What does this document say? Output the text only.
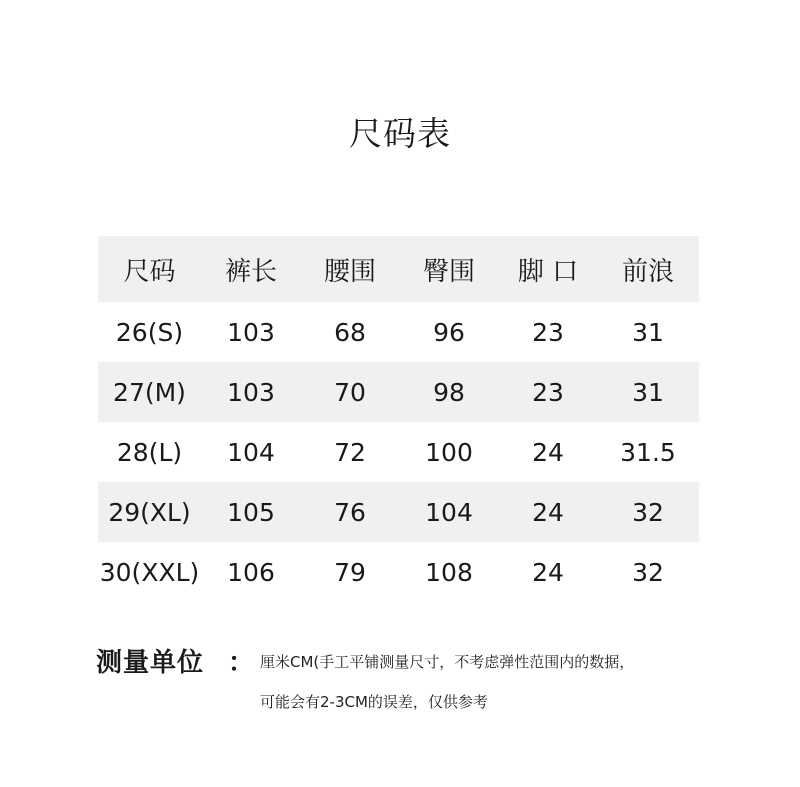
尺码表
尺码	裤长	腰围	臀围	脚 口	前浪
26(S)	103	68	96	23	31
27(M)	103	70	98	23	31
28(L)	104	72	100	24	31.5
29(XL)	105	76	104	24	32
30(XXL)	106	79	108	24	32
测量单位 ： 厘米CM(手工平铺测量尺寸，不考虑弹性范围内的数据，
可能会有2-3CM的误差，仅供参考
